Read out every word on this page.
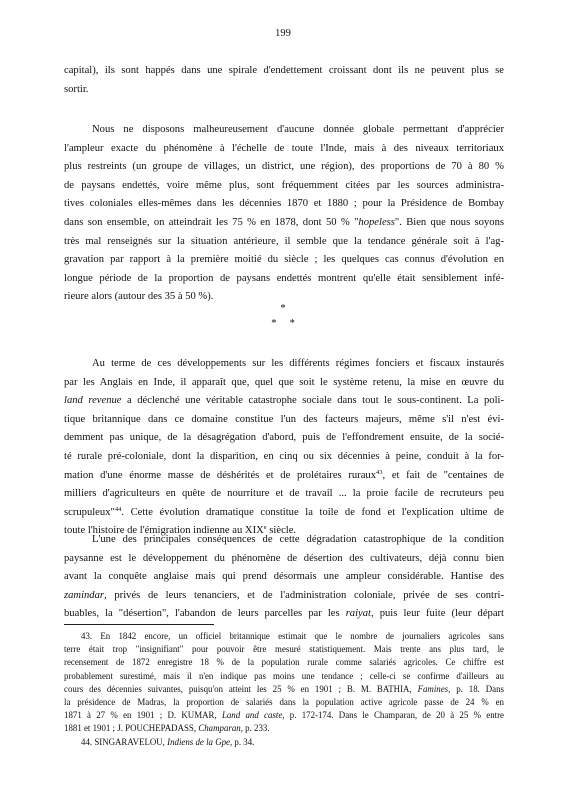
199
capital), ils sont happés dans une spirale d'endettement croissant dont ils ne peuvent plus se
sortir.
Nous ne disposons malheureusement d'aucune donnée globale permettant d'apprécier
l'ampleur exacte du phénomène à l'échelle de toute l'Inde, mais à des niveaux territoriaux
plus restreints (un groupe de villages, un district, une région), des proportions de 70 à 80 %
de paysans endettés, voire même plus, sont fréquemment citées par les sources administra-
tives coloniales elles-mêmes dans les décennies 1870 et 1880 ; pour la Présidence de Bombay
dans son ensemble, on atteindrait les 75 % en 1878, dont 50 % "hopeless". Bien que nous soyons
très mal renseignés sur la situation antérieure, il semble que la tendance générale soit à l'ag-
gravation par rapport à la première moitié du siècle ; les quelques cas connus d'évolution en
longue période de la proportion de paysans endettés montrent qu'elle était sensiblement infé-
rieure alors (autour des 35 à 50 %).
*
*     *
Au terme de ces développements sur les différents régimes fonciers et fiscaux instaurés
par les Anglais en Inde, il apparaît que, quel que soit le système retenu, la mise en œuvre du
land revenue a déclenché une véritable catastrophe sociale dans tout le sous-continent. La poli-
tique britannique dans ce domaine constitue l'un des facteurs majeurs, même s'il n'est évi-
demment pas unique, de la désagrégation d'abord, puis de l'effondrement ensuite, de la socié-
té rurale pré-coloniale, dont la disparition, en cinq ou six décennies à peine, conduit à la for-
mation d'une énorme masse de déshérités et de prolétaires ruraux$^{43}$, et fait de "centaines de
milliers d'agriculteurs en quête de nourriture et de travail ... la proie facile de recruteurs peu
scrupuleux"$^{44}$. Cette évolution dramatique constitue la toile de fond et l'explication ultime de
toute l'histoire de l'émigration indienne au XIXe siècle.
L'une des principales conséquences de cette dégradation catastrophique de la condition
paysanne est le développement du phénomène de désertion des cultivateurs, déjà connu bien
avant la conquête anglaise mais qui prend désormais une ampleur considérable. Hantise des
zamindar, privés de leurs tenanciers, et de l'administration coloniale, privée de ses contri-
buables, la "désertion", l'abandon de leurs parcelles par les raiyat, puis leur fuite (leur départ
43. En 1842 encore, un officiel britannique estimait que le nombre de journaliers agricoles sans
terre était trop "insignifiant" pour pouvoir être mesuré statistiquement. Mais trente ans plus tard, le
recensement de 1872 enregistre 18 % de la population rurale comme salariés agricoles. Ce chiffre est
probablement surestimé, mais il n'en indique pas moins une tendance ; celle-ci se confirme d'ailleurs au
cours des décennies suivantes, puisqu'on atteint les 25 % en 1901 ; B. M. BATHIA, Famines, p. 18. Dans
la présidence de Madras, la proportion de salariés dans la population active agricole passe de 24 % en
1871 à 27 % en 1901 ; D. KUMAR, Land and caste, p. 172-174. Dans le Champaran, de 20 à 25 % entre
1881 et 1901 ; J. POUCHEPADASS, Champaran, p. 233.
44. SINGARAVELOU, Indiens de la Gpe, p. 34.
